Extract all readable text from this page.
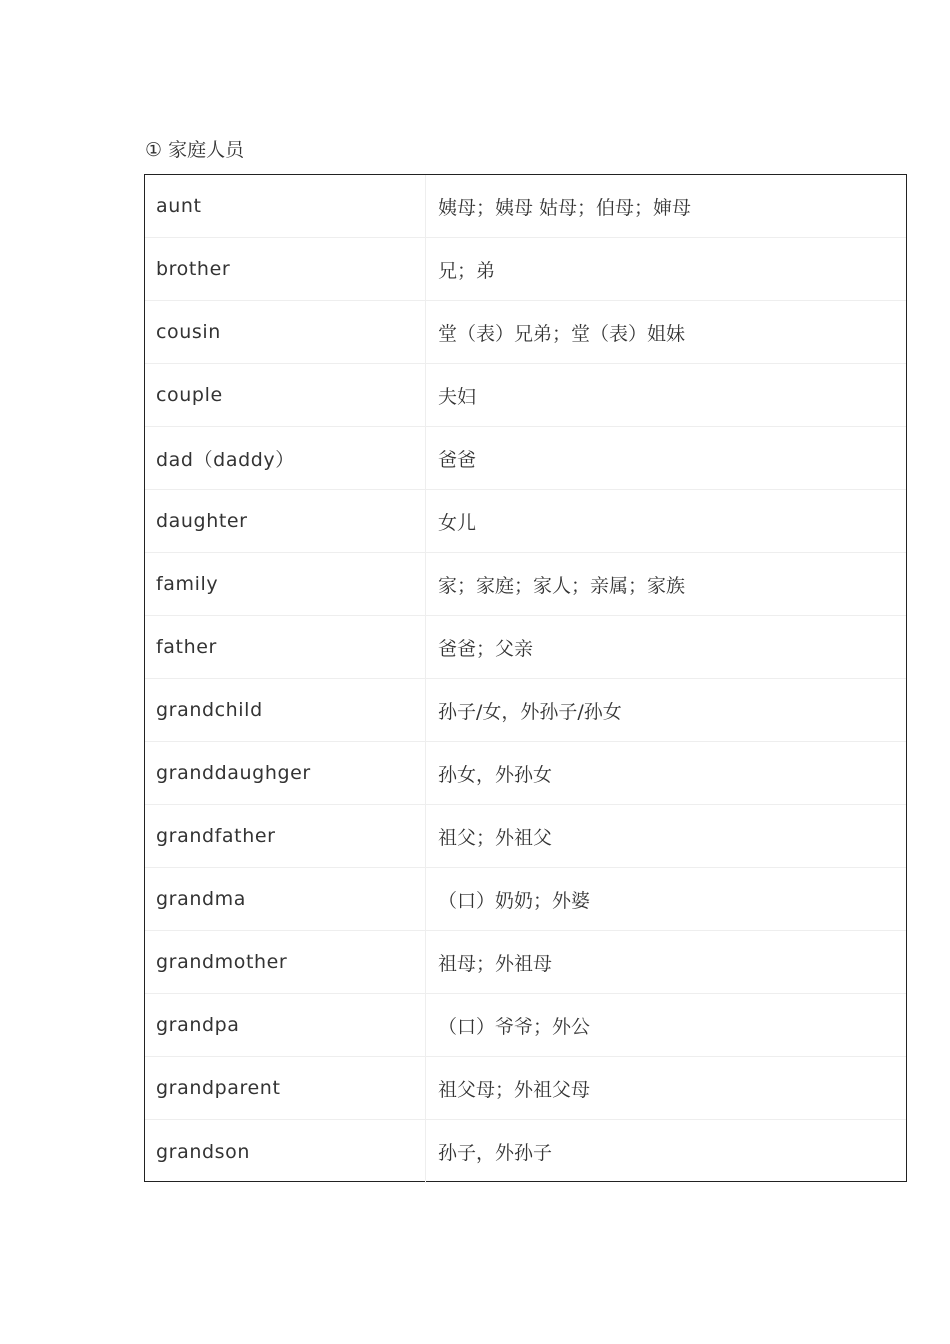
① 家庭人员
aunt	姨母；姨母 姑母；伯母；婶母
brother	兄；弟
cousin	堂（表）兄弟；堂（表）姐妹
couple	夫妇
dad（daddy）	爸爸
daughter	女儿
family	家；家庭；家人；亲属；家族
father	爸爸；父亲
grandchild	孙子/女，外孙子/孙女
granddaughger	孙女，外孙女
grandfather	祖父；外祖父
grandma	（口）奶奶；外婆
grandmother	祖母；外祖母
grandpa	（口）爷爷；外公
grandparent	祖父母；外祖父母
grandson	孙子，外孙子
